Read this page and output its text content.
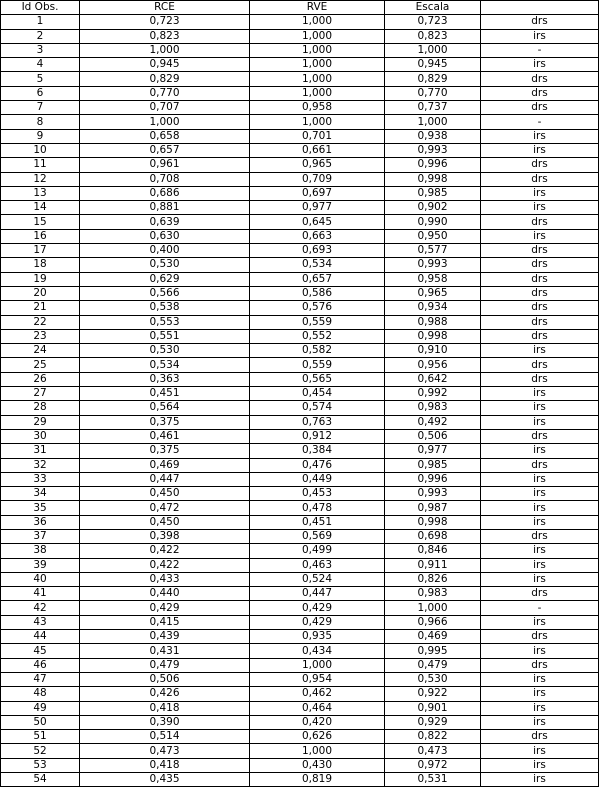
Id Obs.	RCE	RVE	Escala	
1	0,723	1,000	0,723	drs
2	0,823	1,000	0,823	irs
3	1,000	1,000	1,000	-
4	0,945	1,000	0,945	irs
5	0,829	1,000	0,829	drs
6	0,770	1,000	0,770	drs
7	0,707	0,958	0,737	drs
8	1,000	1,000	1,000	-
9	0,658	0,701	0,938	irs
10	0,657	0,661	0,993	irs
11	0,961	0,965	0,996	drs
12	0,708	0,709	0,998	drs
13	0,686	0,697	0,985	irs
14	0,881	0,977	0,902	irs
15	0,639	0,645	0,990	drs
16	0,630	0,663	0,950	irs
17	0,400	0,693	0,577	drs
18	0,530	0,534	0,993	drs
19	0,629	0,657	0,958	drs
20	0,566	0,586	0,965	drs
21	0,538	0,576	0,934	drs
22	0,553	0,559	0,988	drs
23	0,551	0,552	0,998	drs
24	0,530	0,582	0,910	irs
25	0,534	0,559	0,956	drs
26	0,363	0,565	0,642	drs
27	0,451	0,454	0,992	irs
28	0,564	0,574	0,983	irs
29	0,375	0,763	0,492	irs
30	0,461	0,912	0,506	drs
31	0,375	0,384	0,977	irs
32	0,469	0,476	0,985	drs
33	0,447	0,449	0,996	irs
34	0,450	0,453	0,993	irs
35	0,472	0,478	0,987	irs
36	0,450	0,451	0,998	irs
37	0,398	0,569	0,698	drs
38	0,422	0,499	0,846	irs
39	0,422	0,463	0,911	irs
40	0,433	0,524	0,826	irs
41	0,440	0,447	0,983	drs
42	0,429	0,429	1,000	-
43	0,415	0,429	0,966	irs
44	0,439	0,935	0,469	drs
45	0,431	0,434	0,995	irs
46	0,479	1,000	0,479	drs
47	0,506	0,954	0,530	irs
48	0,426	0,462	0,922	irs
49	0,418	0,464	0,901	irs
50	0,390	0,420	0,929	irs
51	0,514	0,626	0,822	drs
52	0,473	1,000	0,473	irs
53	0,418	0,430	0,972	irs
54	0,435	0,819	0,531	irs
